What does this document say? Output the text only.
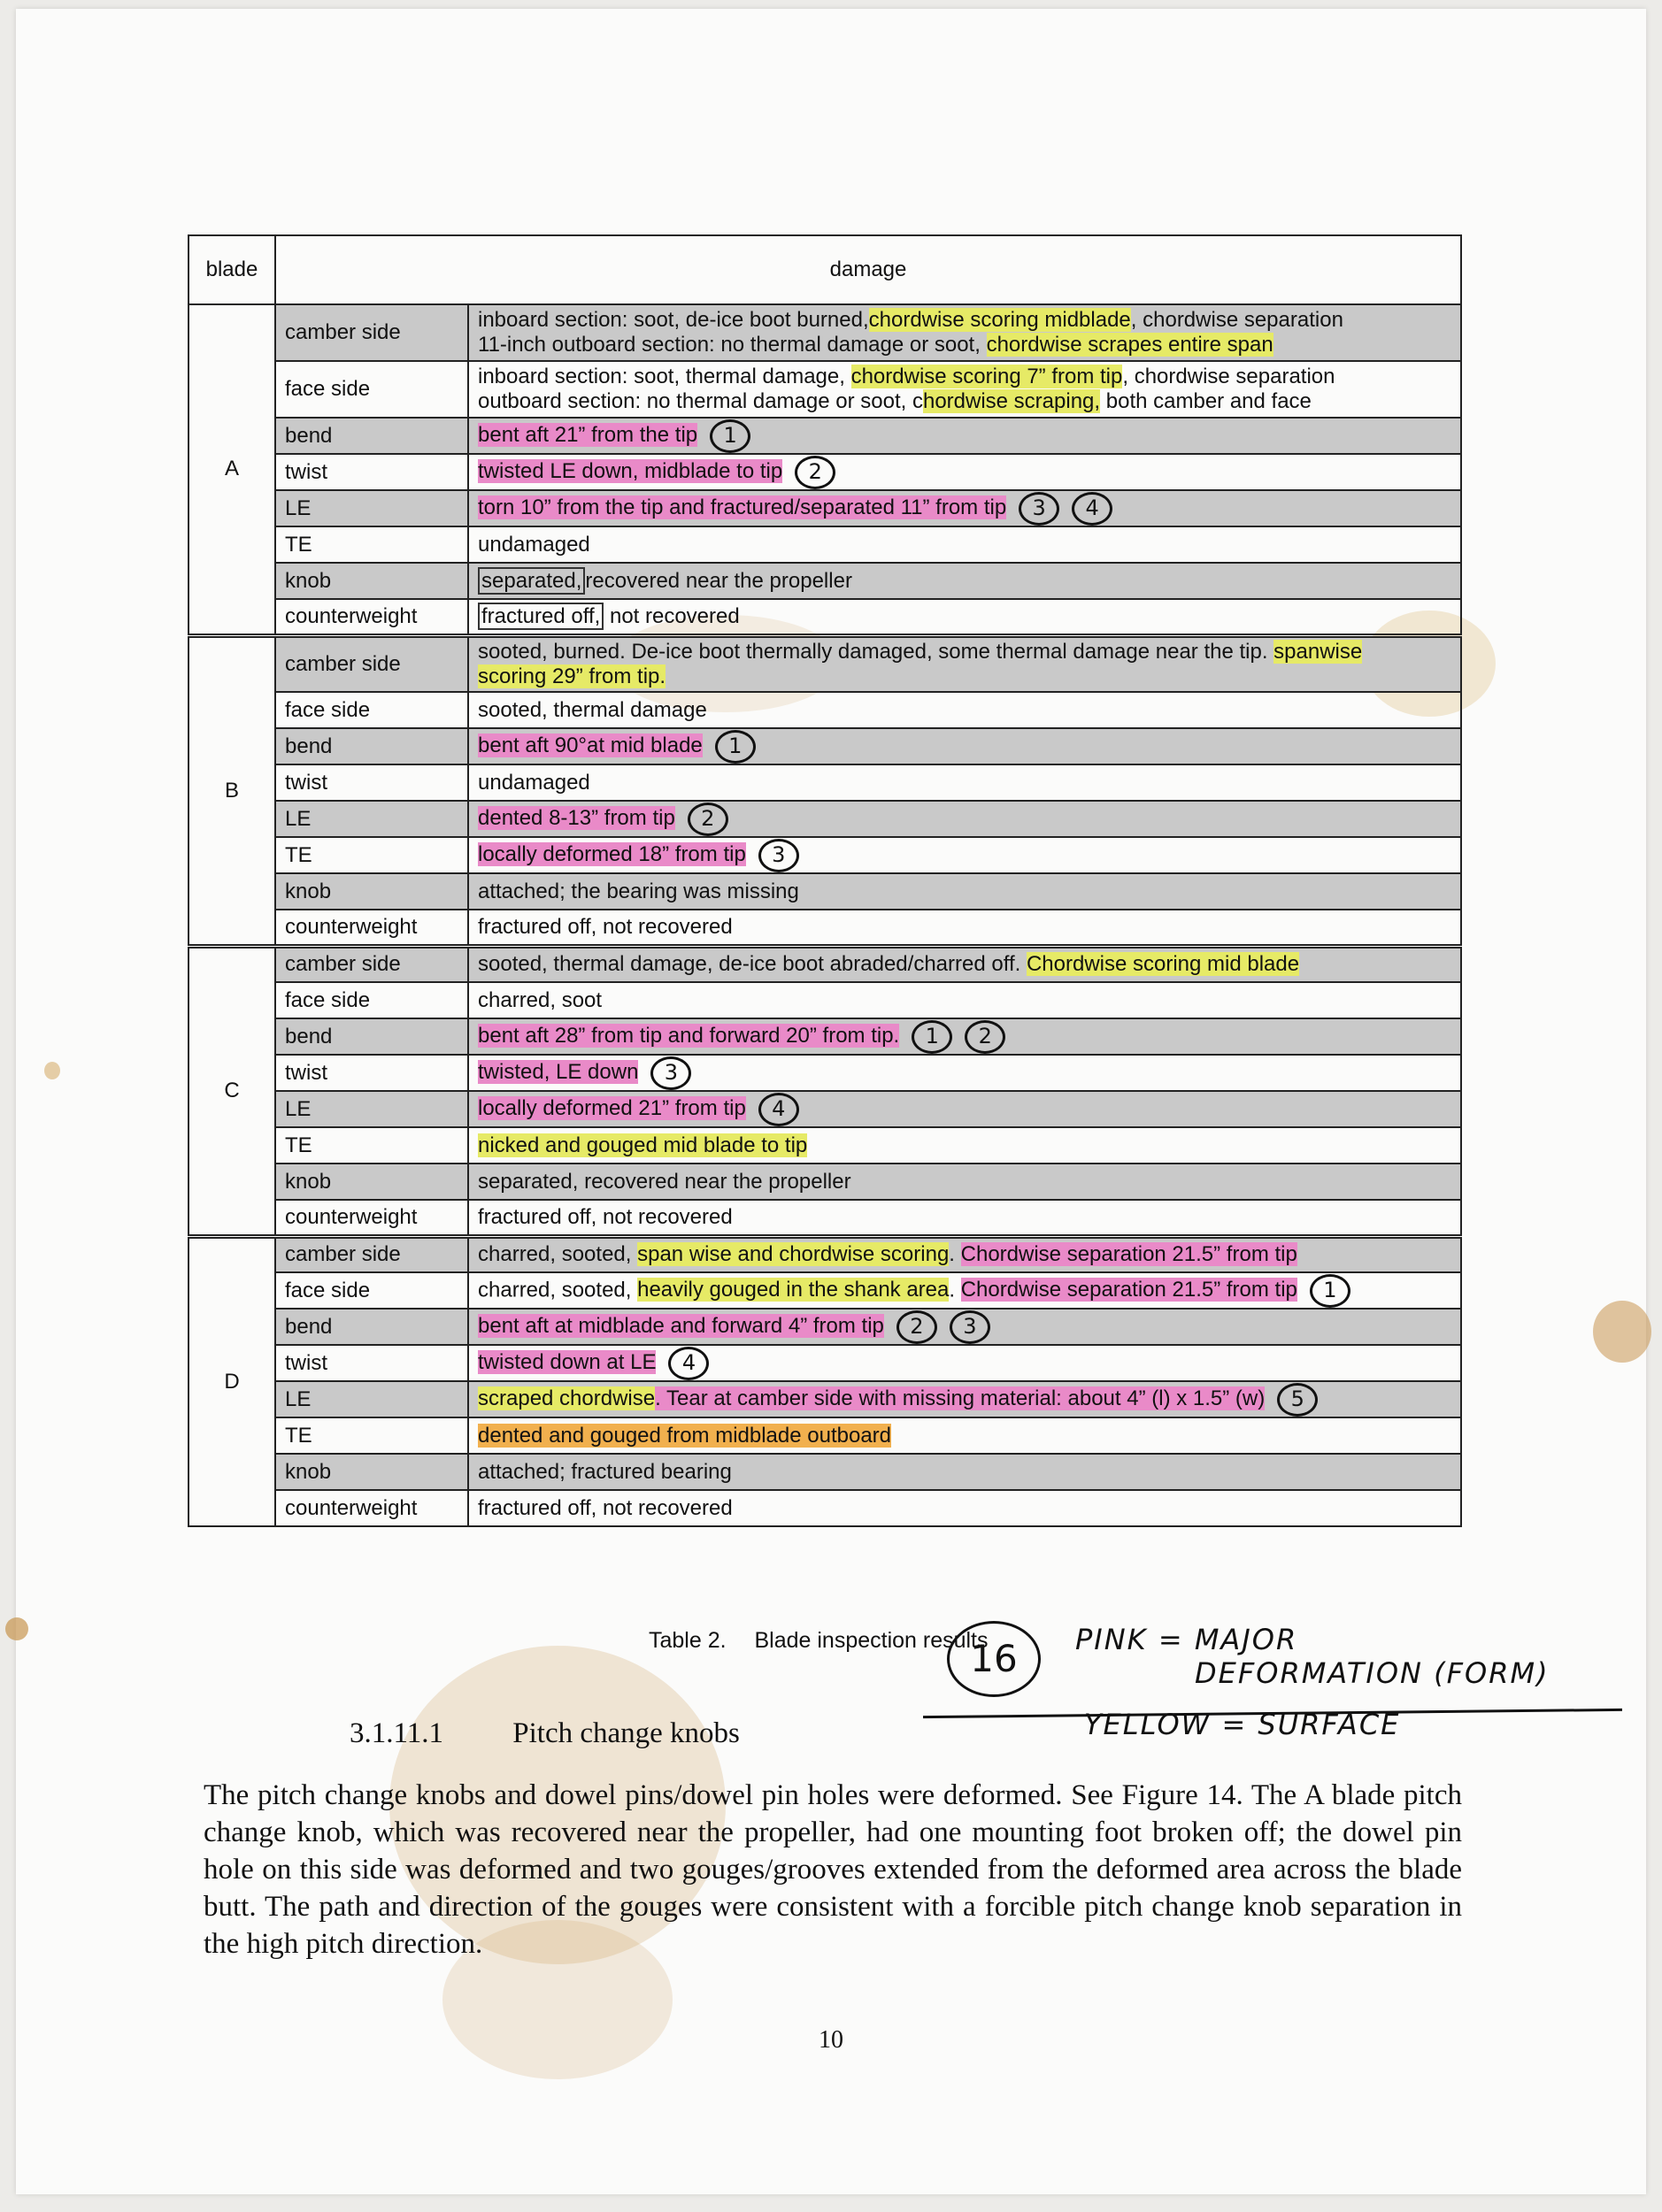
blade	damage	
A	camber side	inboard section: soot, de-ice boot burned,chordwise scoring midblade, chordwise separation
11-inch outboard section: no thermal damage or soot, chordwise scrapes entire span
	face side	inboard section: soot, thermal damage, chordwise scoring 7” from tip, chordwise separation
outboard section: no thermal damage or soot, chordwise scraping, both camber and face
	bend	bent aft 21” from the tip 1
	twist	twisted LE down, midblade to tip 2
	LE	torn 10” from the tip and fractured/separated 11” from tip 3 4
	TE	undamaged
	knob	separated, recovered near the propeller
	counterweight	fractured off, not recovered
B	camber side	sooted, burned. De-ice boot thermally damaged, some thermal damage near the tip. spanwise
scoring 29” from tip.
	face side	sooted, thermal damage
	bend	bent aft 90°at mid blade 1
	twist	undamaged
	LE	dented 8-13” from tip 2
	TE	locally deformed 18” from tip 3
	knob	attached; the bearing was missing
	counterweight	fractured off, not recovered
C	camber side	sooted, thermal damage, de-ice boot abraded/charred off. Chordwise scoring mid blade
	face side	charred, soot
	bend	bent aft 28” from tip and forward 20” from tip. 1 2
	twist	twisted, LE down 3
	LE	locally deformed 21” from tip 4
	TE	nicked and gouged mid blade to tip
	knob	separated, recovered near the propeller
	counterweight	fractured off, not recovered
D	camber side	charred, sooted, span wise and chordwise scoring. Chordwise separation 21.5” from tip
	face side	charred, sooted, heavily gouged in the shank area. Chordwise separation 21.5” from tip 1
	bend	bent aft at midblade and forward 4” from tip 2 3
	twist	twisted down at LE 4
	LE	scraped chordwise. Tear at camber side with missing material: about 4” (l) x 1.5” (w) 5
	TE	dented and gouged from midblade outboard
	knob	attached; fractured bearing
	counterweight	fractured off, not recovered
Table 2. Blade inspection results
16	PINK = MAJOR
DEFORMATION (FORM)
YELLOW = SURFACE
3.1.11.1 Pitch change knobs
The pitch change knobs and dowel pins/dowel pin holes were deformed. See Figure 14. The A blade pitch change knob, which was recovered near the propeller, had one mounting foot broken off; the dowel pin hole on this side was deformed and two gouges/grooves extended from the deformed area across the blade butt. The path and direction of the gouges were consistent with a forcible pitch change knob separation in the high pitch direction.
10
